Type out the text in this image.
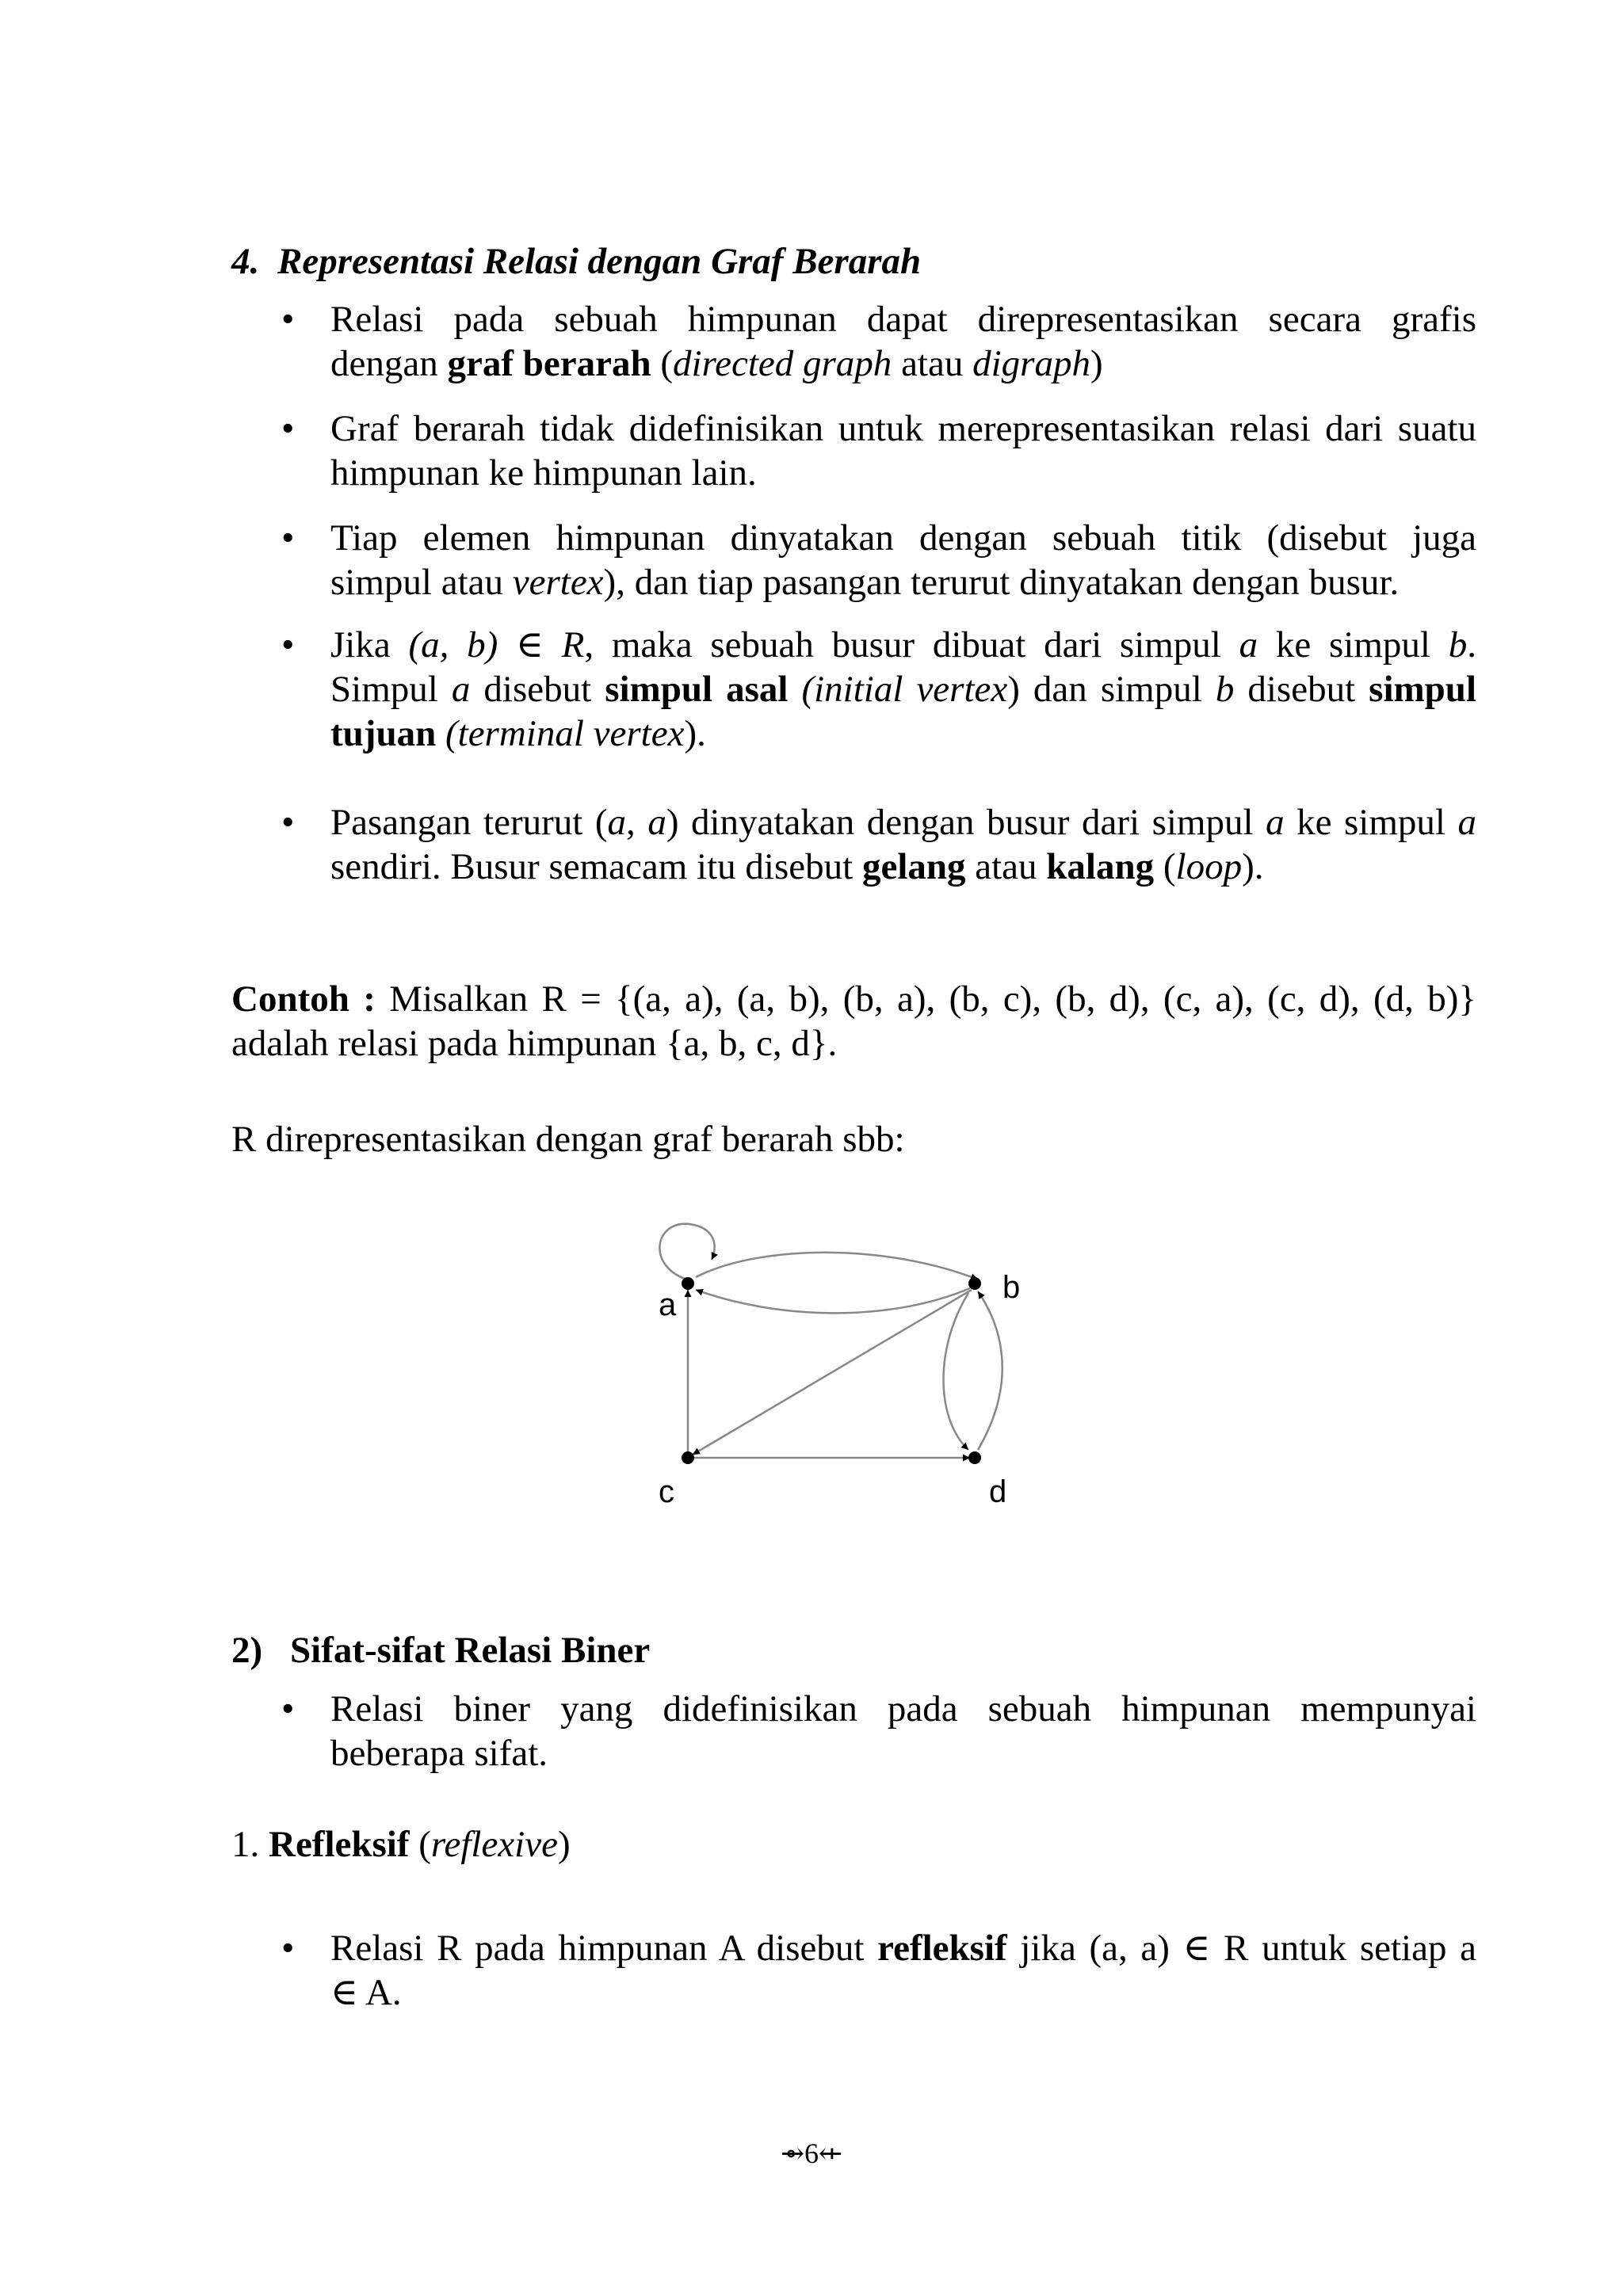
4. Representasi Relasi dengan Graf Berarah
• Relasi pada sebuah himpunan dapat direpresentasikan secara grafis

dengan graf berarah (directed graph atau digraph)

• Graf berarah tidak didefinisikan untuk merepresentasikan relasi dari suatu

himpunan ke himpunan lain.

• Tiap elemen himpunan dinyatakan dengan sebuah titik (disebut juga

simpul atau vertex), dan tiap pasangan terurut dinyatakan dengan busur.

• Jika (a, b) ∈ R, maka sebuah busur dibuat dari simpul a ke simpul b.

Simpul a disebut simpul asal (initial vertex) dan simpul b disebut simpul

tujuan (terminal vertex).

• Pasangan terurut (a, a) dinyatakan dengan busur dari simpul a ke simpul a

sendiri. Busur semacam itu disebut gelang atau kalang (loop).

Contoh : Misalkan R = {(a, a), (a, b), (b, a), (b, c), (b, d), (c, a), (c, d), (d, b)}

adalah relasi pada himpunan {a, b, c, d}.

R direpresentasikan dengan graf berarah sbb:

a	b
c	d
2) Sifat-sifat Relasi Biner
• Relasi biner yang didefinisikan pada sebuah himpunan mempunyai

beberapa sifat.

1. Refleksif (reflexive)

• Relasi R pada himpunan A disebut refleksif jika (a, a) ∈ R untuk setiap a

∈ A.

⇴6⇷
